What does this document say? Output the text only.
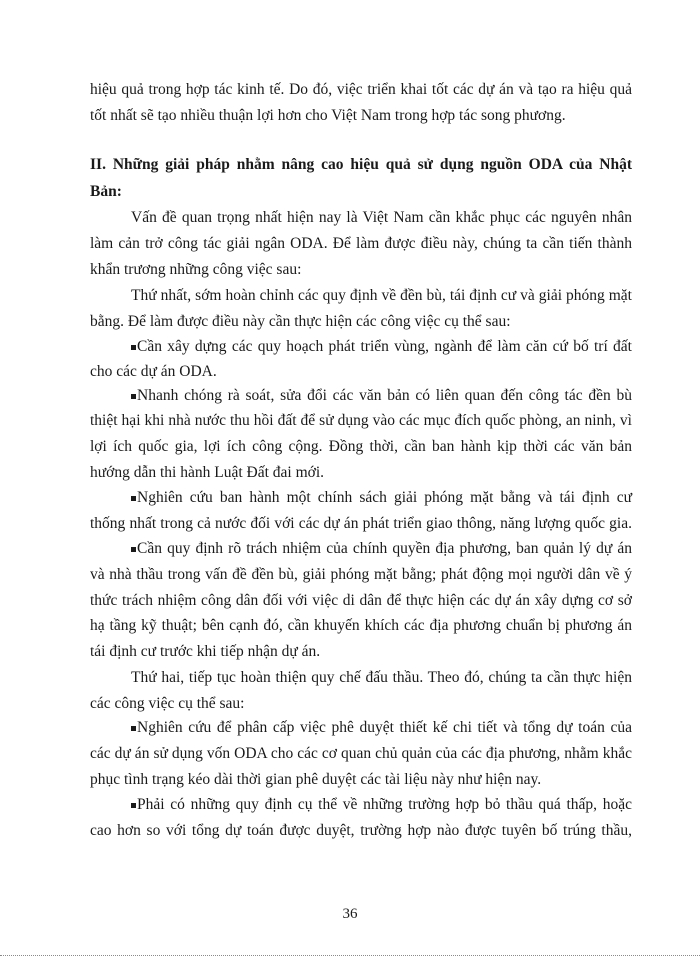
hiệu quả trong hợp tác kinh tế. Do đó, việc triển khai tốt các dự án và tạo ra hiệu quả

tốt nhất sẽ tạo nhiều thuận lợi hơn cho Việt Nam trong hợp tác song phương.

II. Những giải pháp nhằm nâng cao hiệu quả sử dụng nguồn ODA của Nhật

Bản:

Vấn đề quan trọng nhất hiện nay là Việt Nam cần khắc phục các nguyên nhân

làm cản trở công tác giải ngân ODA. Để làm được điều này, chúng ta cần tiến thành

khẩn trương những công việc sau:

Thứ nhất, sớm hoàn chỉnh các quy định về đền bù, tái định cư và giải phóng mặt

bằng. Để làm được điều này cần thực hiện các công việc cụ thể sau:

Cần xây dựng các quy hoạch phát triển vùng, ngành để làm căn cứ bố trí đất

cho các dự án ODA.

Nhanh chóng rà soát, sửa đổi các văn bản có liên quan đến công tác đền bù

thiệt hại khi nhà nước thu hồi đất để sử dụng vào các mục đích quốc phòng, an ninh, vì

lợi ích quốc gia, lợi ích công cộng. Đồng thời, cần ban hành kịp thời các văn bản

hướng dẫn thi hành Luật Đất đai mới.

Nghiên cứu ban hành một chính sách giải phóng mặt bằng và tái định cư

thống nhất trong cả nước đối với các dự án phát triển giao thông, năng lượng quốc gia.

Cần quy định rõ trách nhiệm của chính quyền địa phương, ban quản lý dự án

và nhà thầu trong vấn đề đền bù, giải phóng mặt bằng; phát động mọi người dân về ý

thức trách nhiệm công dân đối với việc di dân để thực hiện các dự án xây dựng cơ sở

hạ tầng kỹ thuật; bên cạnh đó, cần khuyến khích các địa phương chuẩn bị phương án

tái định cư trước khi tiếp nhận dự án.

Thứ hai, tiếp tục hoàn thiện quy chế đấu thầu. Theo đó, chúng ta cần thực hiện

các công việc cụ thể sau:

Nghiên cứu để phân cấp việc phê duyệt thiết kế chi tiết và tổng dự toán của

các dự án sử dụng vốn ODA cho các cơ quan chủ quản của các địa phương, nhằm khắc

phục tình trạng kéo dài thời gian phê duyệt các tài liệu này như hiện nay.

Phải có những quy định cụ thể về những trường hợp bỏ thầu quá thấp, hoặc

cao hơn so với tổng dự toán được duyệt, trường hợp nào được tuyên bố trúng thầu,

36
